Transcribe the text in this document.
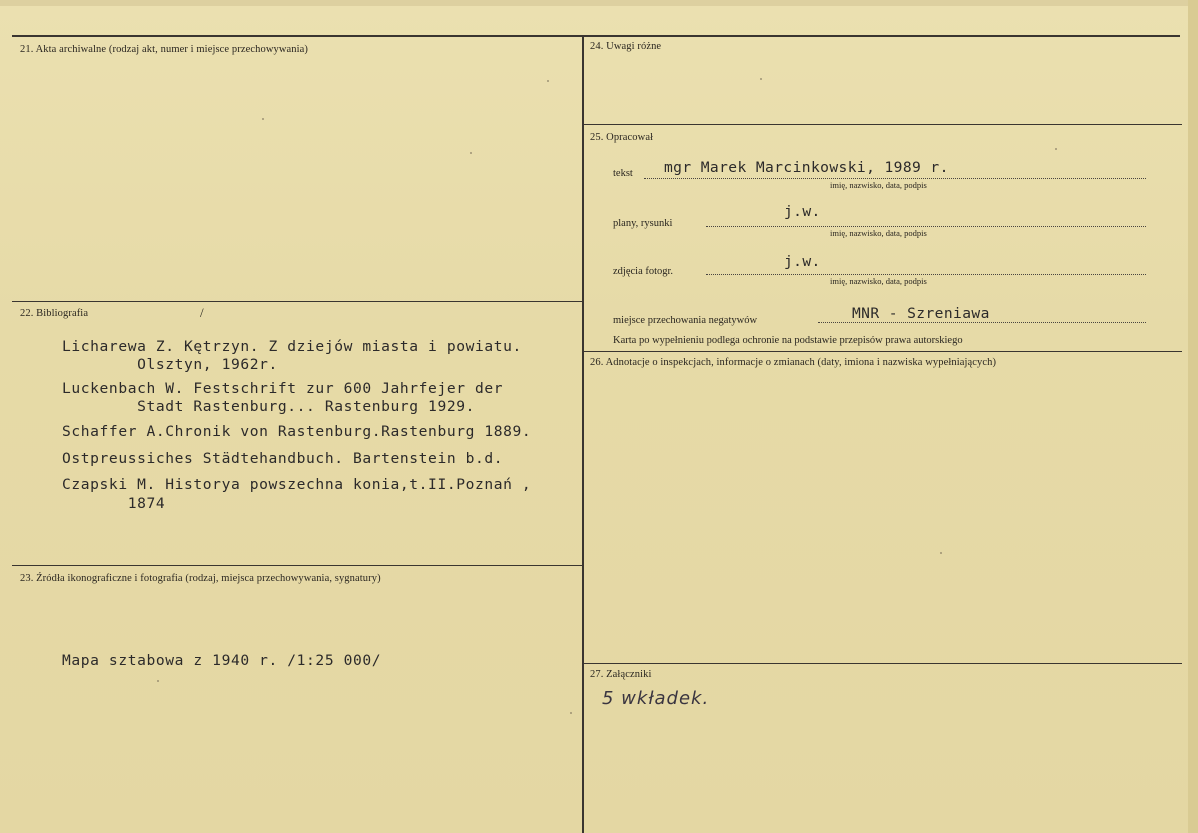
21. Akta archiwalne (rodzaj akt, numer i miejsce przechowywania)
22. Bibliografia	/
Licharewa Z. Kętrzyn. Z dziejów miasta i powiatu.
Olsztyn, 1962r.
Luckenbach W. Festschrift zur 600 Jahrfejer der
Stadt Rastenburg... Rastenburg 1929.
Schaffer A.Chronik von Rastenburg.Rastenburg 1889.
Ostpreussiches Städtehandbuch. Bartenstein b.d.
Czapski M. Historya powszechna konia,t.II.Poznań ,
1874
23. Źródła ikonograficzne i fotografia (rodzaj, miejsca przechowywania, sygnatury)
Mapa sztabowa z 1940 r. /1:25 000/
24. Uwagi różne
25. Opracował
tekst mgr Marek Marcinkowski, 1989 r.
imię, nazwisko, data, podpis
plany, rysunki
j.w.
imię, nazwisko, data, podpis
zdjęcia fotogr.
j.w.
imię, nazwisko, data, podpis
miejsce przechowania negatywów	MNR - Szreniawa
Karta po wypełnieniu podlega ochronie na podstawie przepisów prawa autorskiego
26. Adnotacje o inspekcjach, informacje o zmianach (daty, imiona i nazwiska wypełniających)
27. Załączniki
5 wkładek.
